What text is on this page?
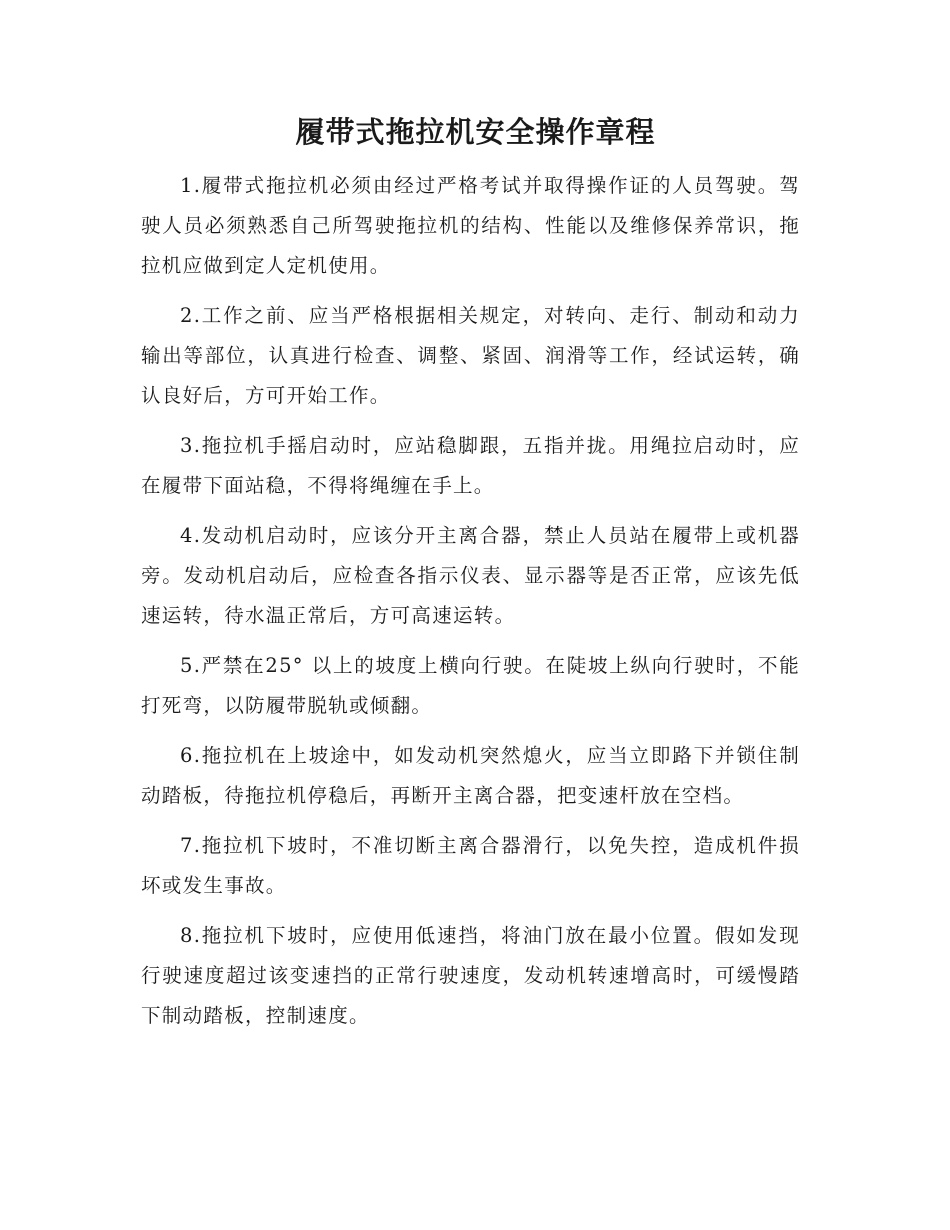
履带式拖拉机安全操作章程

1.履带式拖拉机必须由经过严格考试并取得操作证的人员驾驶。驾驶人员必须熟悉自己所驾驶拖拉机的结构、性能以及维修保养常识，拖拉机应做到定人定机使用。

2.工作之前、应当严格根据相关规定，对转向、走行、制动和动力输出等部位，认真进行检查、调整、紧固、润滑等工作，经试运转，确认良好后，方可开始工作。

3.拖拉机手摇启动时，应站稳脚跟，五指并拢。用绳拉启动时，应在履带下面站稳，不得将绳缠在手上。

4.发动机启动时，应该分开主离合器，禁止人员站在履带上或机器旁。发动机启动后，应检查各指示仪表、显示器等是否正常，应该先低速运转，待水温正常后，方可高速运转。

5.严禁在25° 以上的坡度上横向行驶。在陡坡上纵向行驶时，不能打死弯，以防履带脱轨或倾翻。

6.拖拉机在上坡途中，如发动机突然熄火，应当立即路下并锁住制动踏板，待拖拉机停稳后，再断开主离合器，把变速杆放在空档。

7.拖拉机下坡时，不准切断主离合器滑行，以免失控，造成机件损坏或发生事故。

8.拖拉机下坡时，应使用低速挡，将油门放在最小位置。假如发现行驶速度超过该变速挡的正常行驶速度，发动机转速增高时，可缓慢踏下制动踏板，控制速度。
